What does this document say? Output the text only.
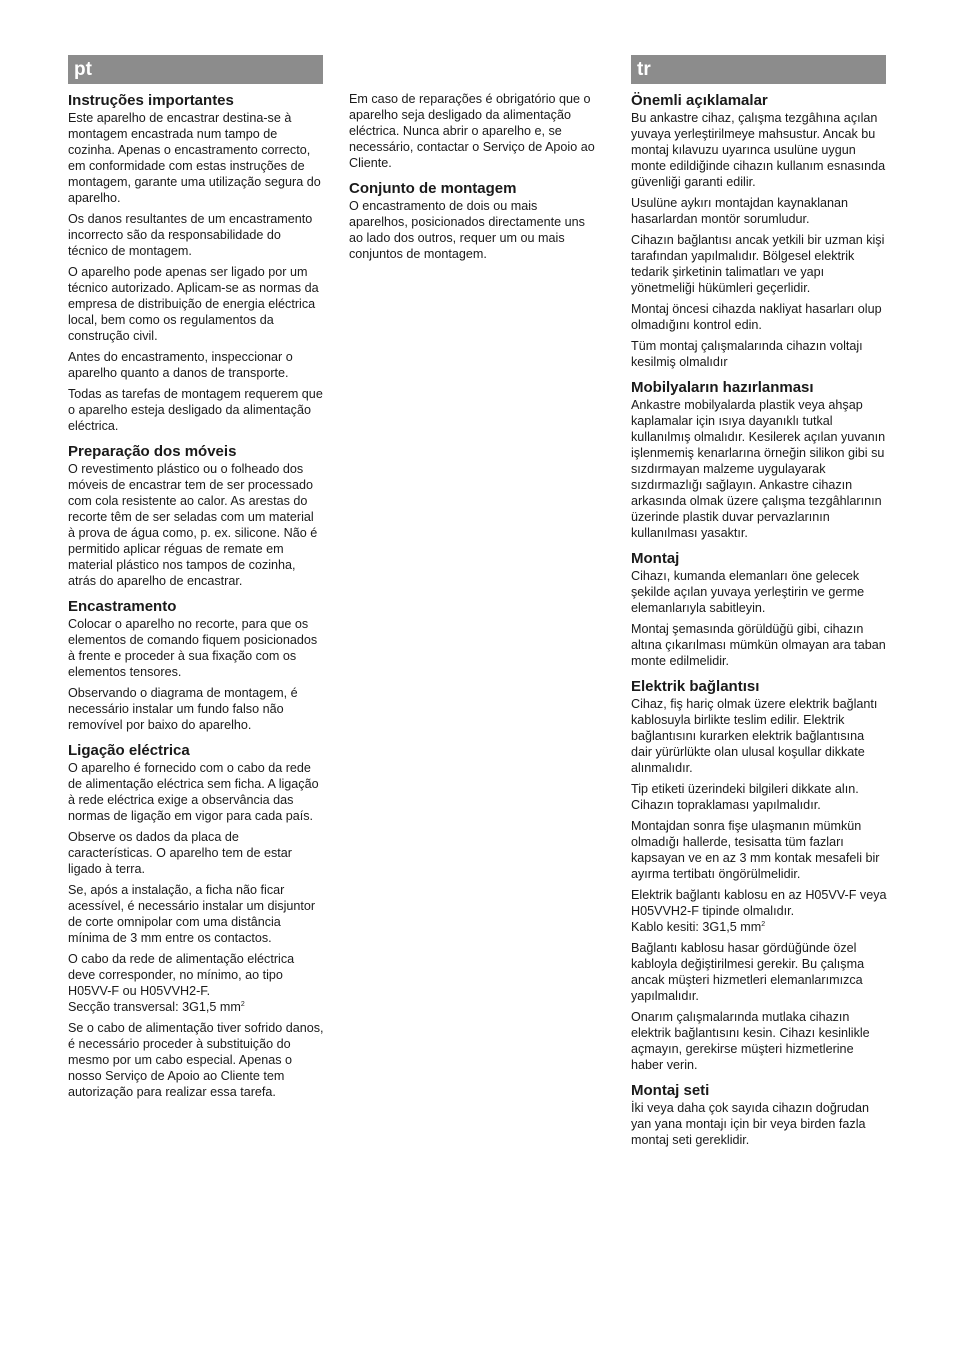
pt	tr
Instruções importantes

Este aparelho de encastrar destina-se à montagem encastrada num tampo de cozinha. Apenas o encastramento correcto, em conformidade com estas instruções de montagem, garante uma utilização segura do aparelho.

Os danos resultantes de um encastramento incorrecto são da responsabilidade do técnico de montagem.

O aparelho pode apenas ser ligado por um técnico autorizado. Aplicam-se as normas da empresa de distribuição de energia eléctrica local, bem como os regulamentos da construção civil.

Antes do encastramento, inspeccionar o aparelho quanto a danos de transporte.

Todas as tarefas de montagem requerem que o aparelho esteja desligado da alimentação eléctrica.

Preparação dos móveis

O revestimento plástico ou o folheado dos móveis de encastrar tem de ser processado com cola resistente ao calor. As arestas do recorte têm de ser seladas com um material à prova de água como, p. ex. silicone. Não é permitido aplicar réguas de remate em material plástico nos tampos de cozinha, atrás do aparelho de encastrar.

Encastramento

Colocar o aparelho no recorte, para que os elementos de comando fiquem posicionados à frente e proceder à sua fixação com os elementos tensores.

Observando o diagrama de montagem, é necessário instalar um fundo falso não removível por baixo do aparelho.

Ligação eléctrica

O aparelho é fornecido com o cabo da rede de alimentação eléctrica sem ficha. A ligação à rede eléctrica exige a observância das normas de ligação em vigor para cada país.

Observe os dados da placa de características. O aparelho tem de estar ligado à terra.

Se, após a instalação, a ficha não ficar acessível, é necessário instalar um disjuntor de corte omnipolar com uma distância mínima de 3 mm entre os contactos.

O cabo da rede de alimentação eléctrica deve corresponder, no mínimo, ao tipo H05VV-F ou H05VVH2-F.
Secção transversal: 3G1,5 $mm^2$

Se o cabo de alimentação tiver sofrido danos, é necessário proceder à substituição do mesmo por um cabo especial. Apenas o nosso Serviço de Apoio ao Cliente tem autorização para realizar essa tarefa.

Em caso de reparações é obrigatório que o aparelho seja desligado da alimentação eléctrica. Nunca abrir o aparelho e, se necessário, contactar o Serviço de Apoio ao Cliente.

Conjunto de montagem

O encastramento de dois ou mais aparelhos, posicionados directamente uns ao lado dos outros, requer um ou mais conjuntos de montagem.

Önemli açıklamalar

Bu ankastre cihaz, çalışma tezgâhına açılan yuvaya yerleştirilmeye mahsustur. Ancak bu montaj kılavuzu uyarınca usulüne uygun monte edildiğinde cihazın kullanım esnasında güvenliği garanti edilir.

Usulüne aykırı montajdan kaynaklanan hasarlardan montör sorumludur.

Cihazın bağlantısı ancak yetkili bir uzman kişi tarafından yapılmalıdır. Bölgesel elektrik tedarik şirketinin talimatları ve yapı yönetmeliği hükümleri geçerlidir.

Montaj öncesi cihazda nakliyat hasarları olup olmadığını kontrol edin.

Tüm montaj çalışmalarında cihazın voltajı kesilmiş olmalıdır

Mobilyaların hazırlanması

Ankastre mobilyalarda plastik veya ahşap kaplamalar için ısıya dayanıklı tutkal kullanılmış olmalıdır. Kesilerek açılan yuvanın işlenmemiş kenarlarına örneğin silikon gibi su sızdırmayan malzeme uygulayarak sızdırmazlığı sağlayın. Ankastre cihazın arkasında olmak üzere çalışma tezgâhlarının üzerinde plastik duvar pervazlarının kullanılması yasaktır.

Montaj

Cihazı, kumanda elemanları öne gelecek şekilde açılan yuvaya yerleştirin ve germe elemanlarıyla sabitleyin.

Montaj şemasında görüldüğü gibi, cihazın altına çıkarılması mümkün olmayan ara taban monte edilmelidir.

Elektrik bağlantısı

Cihaz, fiş hariç olmak üzere elektrik bağlantı kablosuyla birlikte teslim edilir. Elektrik bağlantısını kurarken elektrik bağlantısına dair yürürlükte olan ulusal koşullar dikkate alınmalıdır.

Tip etiketi üzerindeki bilgileri dikkate alın. Cihazın topraklaması yapılmalıdır.

Montajdan sonra fişe ulaşmanın mümkün olmadığı hallerde, tesisatta tüm fazları kapsayan ve en az 3 mm kontak mesafeli bir ayırma tertibatı öngörülmelidir.

Elektrik bağlantı kablosu en az H05VV-F veya H05VVH2-F tipinde olmalıdır.
Kablo kesiti: 3G1,5 $mm^2$

Bağlantı kablosu hasar gördüğünde özel kabloyla değiştirilmesi gerekir. Bu çalışma ancak müşteri hizmetleri elemanlarımızca yapılmalıdır.

Onarım çalışmalarında mutlaka cihazın elektrik bağlantısını kesin. Cihazı kesinlikle açmayın, gerekirse müşteri hizmetlerine haber verin.

Montaj seti

İki veya daha çok sayıda cihazın doğrudan yan yana montajı için bir veya birden fazla montaj seti gereklidir.
